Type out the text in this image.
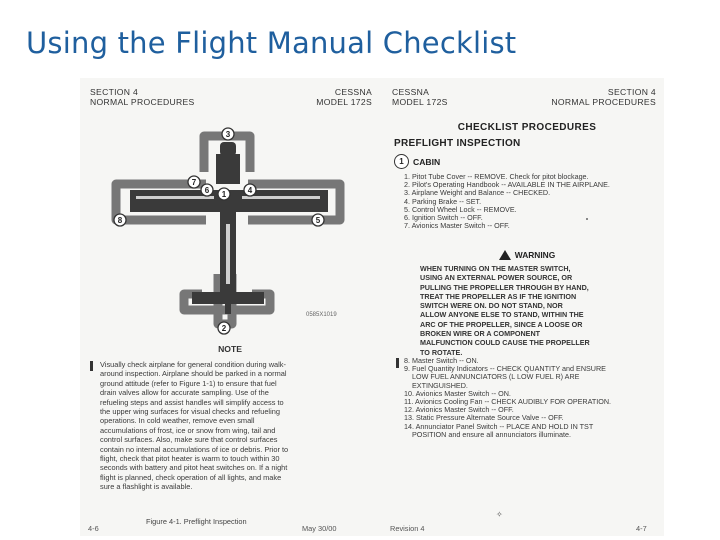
Using the Flight Manual Checklist
SECTION 4
NORMAL PROCEDURES
CESSNA
MODEL 172S
3
7
6 1	4
8	5
2
0585X1019
NOTE
Visually check airplane for general condition during walk-
around inspection. Airplane should be parked in a normal
ground attitude (refer to Figure 1-1) to ensure that fuel
drain valves allow for accurate sampling. Use of the
refueling steps and assist handles will simplify access to
the upper wing surfaces for visual checks and refueling
operations. In cold weather, remove even small
accumulations of frost, ice or snow from wing, tail and
control surfaces. Also, make sure that control surfaces
contain no internal accumulations of ice or debris. Prior to
flight, check that pitot heater is warm to touch within 30
seconds with battery and pitot heat switches on. If a night
flight is planned, check operation of all lights, and make
sure a flashlight is available.
Figure 4-1. Preflight Inspection
4-6	May 30/00
CESSNA
MODEL 172S
SECTION 4
NORMAL PROCEDURES
CHECKLIST PROCEDURES
PREFLIGHT INSPECTION
1	CABIN
1. Pitot Tube Cover -- REMOVE. Check for pitot blockage.
2. Pilot's Operating Handbook -- AVAILABLE IN THE AIRPLANE.
3. Airplane Weight and Balance -- CHECKED.
4. Parking Brake -- SET.
5. Control Wheel Lock -- REMOVE.
6. Ignition Switch -- OFF.
7. Avionics Master Switch -- OFF.
WARNING
WHEN TURNING ON THE MASTER SWITCH,
USING AN EXTERNAL POWER SOURCE, OR
PULLING THE PROPELLER THROUGH BY HAND,
TREAT THE PROPELLER AS IF THE IGNITION
SWITCH WERE ON. DO NOT STAND, NOR
ALLOW ANYONE ELSE TO STAND, WITHIN THE
ARC OF THE PROPELLER, SINCE A LOOSE OR
BROKEN WIRE OR A COMPONENT
MALFUNCTION COULD CAUSE THE PROPELLER
TO ROTATE.
8. Master Switch -- ON.
9. Fuel Quantity Indicators -- CHECK QUANTITY and ENSURE
LOW FUEL ANNUNCIATORS (L LOW FUEL R) ARE
EXTINGUISHED.
10. Avionics Master Switch -- ON.
11. Avionics Cooling Fan -- CHECK AUDIBLY FOR OPERATION.
12. Avionics Master Switch -- OFF.
13. Static Pressure Alternate Source Valve -- OFF.
14. Annunciator Panel Switch -- PLACE AND HOLD IN TST
POSITION and ensure all annunciators illuminate.
✧
Revision 4	4-7
